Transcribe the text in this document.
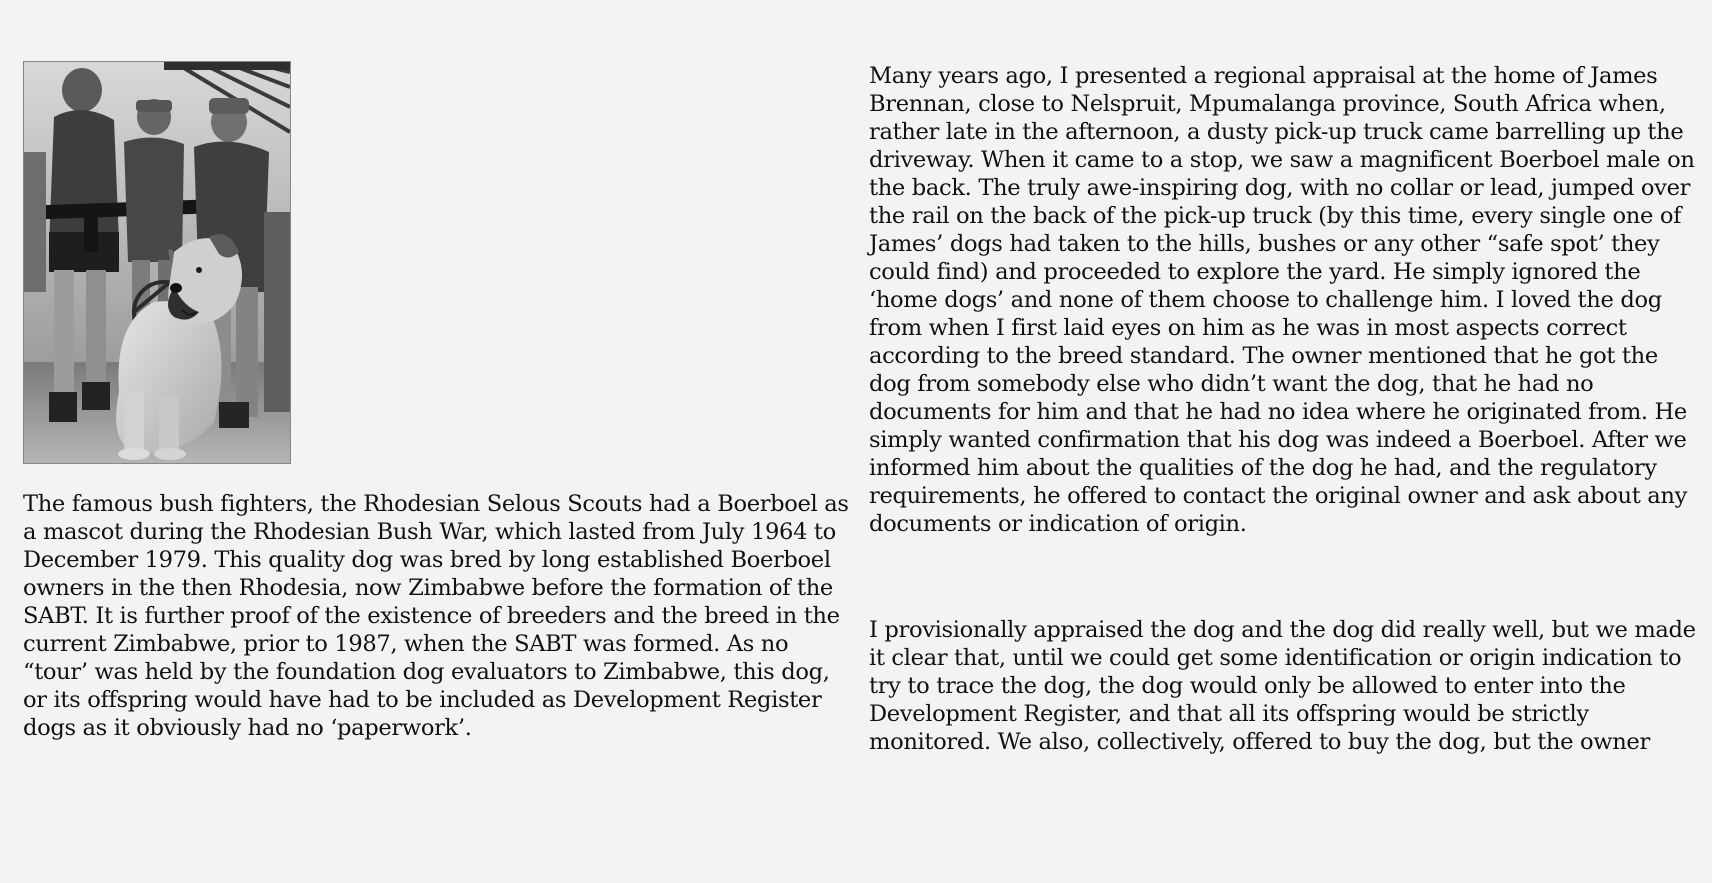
The famous bush fighters, the Rhodesian Selous Scouts had a Boerboel as
a mascot during the Rhodesian Bush War, which lasted from July 1964 to
December 1979. This quality dog was bred by long established Boerboel
owners in the then Rhodesia, now Zimbabwe before the formation of the
SABT. It is further proof of the existence of breeders and the breed in the
current Zimbabwe, prior to 1987, when the SABT was formed. As no
“tour’ was held by the foundation dog evaluators to Zimbabwe, this dog,
or its offspring would have had to be included as Development Register
dogs as it obviously had no ‘paperwork’.

Many years ago, I presented a regional appraisal at the home of James
Brennan, close to Nelspruit, Mpumalanga province, South Africa when,
rather late in the afternoon, a dusty pick-up truck came barrelling up the
driveway. When it came to a stop, we saw a magnificent Boerboel male on
the back. The truly awe-inspiring dog, with no collar or lead, jumped over
the rail on the back of the pick-up truck (by this time, every single one of
James’ dogs had taken to the hills, bushes or any other “safe spot’ they
could find) and proceeded to explore the yard. He simply ignored the
‘home dogs’ and none of them choose to challenge him. I loved the dog
from when I first laid eyes on him as he was in most aspects correct
according to the breed standard. The owner mentioned that he got the
dog from somebody else who didn’t want the dog, that he had no
documents for him and that he had no idea where he originated from. He
simply wanted confirmation that his dog was indeed a Boerboel. After we
informed him about the qualities of the dog he had, and the regulatory
requirements, he offered to contact the original owner and ask about any
documents or indication of origin.

I provisionally appraised the dog and the dog did really well, but we made
it clear that, until we could get some identification or origin indication to
try to trace the dog, the dog would only be allowed to enter into the
Development Register, and that all its offspring would be strictly
monitored. We also, collectively, offered to buy the dog, but the owner
